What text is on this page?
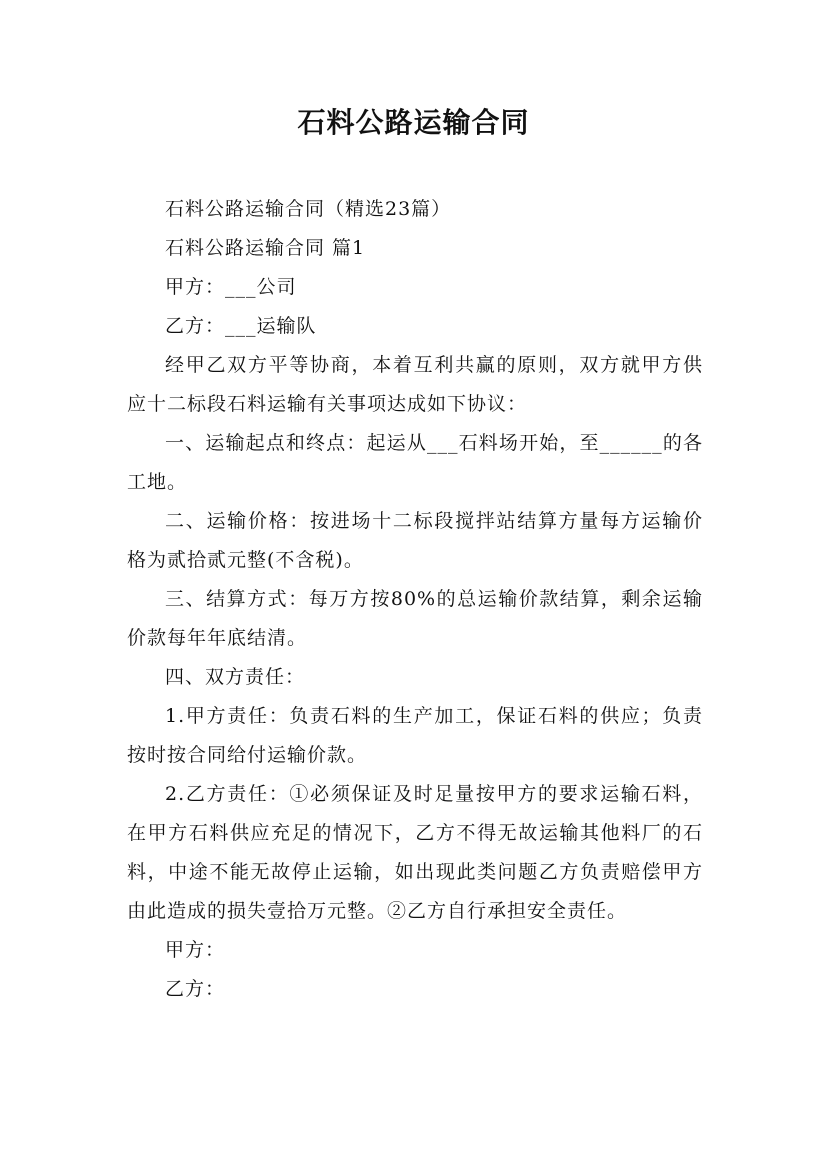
石料公路运输合同

石料公路运输合同（精选23篇）

石料公路运输合同 篇1

甲方：___公司

乙方：___运输队

经甲乙双方平等协商，本着互利共赢的原则，双方就甲方供应十二标段石料运输有关事项达成如下协议：

一、运输起点和终点：起运从___石料场开始，至______的各工地。

二、运输价格：按进场十二标段搅拌站结算方量每方运输价格为贰拾贰元整(不含税)。

三、结算方式：每万方按80%的总运输价款结算，剩余运输价款每年年底结清。

四、双方责任：

1.甲方责任：负责石料的生产加工，保证石料的供应；负责按时按合同给付运输价款。

2.乙方责任：①必须保证及时足量按甲方的要求运输石料，在甲方石料供应充足的情况下，乙方不得无故运输其他料厂的石料，中途不能无故停止运输，如出现此类问题乙方负责赔偿甲方由此造成的损失壹拾万元整。②乙方自行承担安全责任。

甲方：

乙方：
